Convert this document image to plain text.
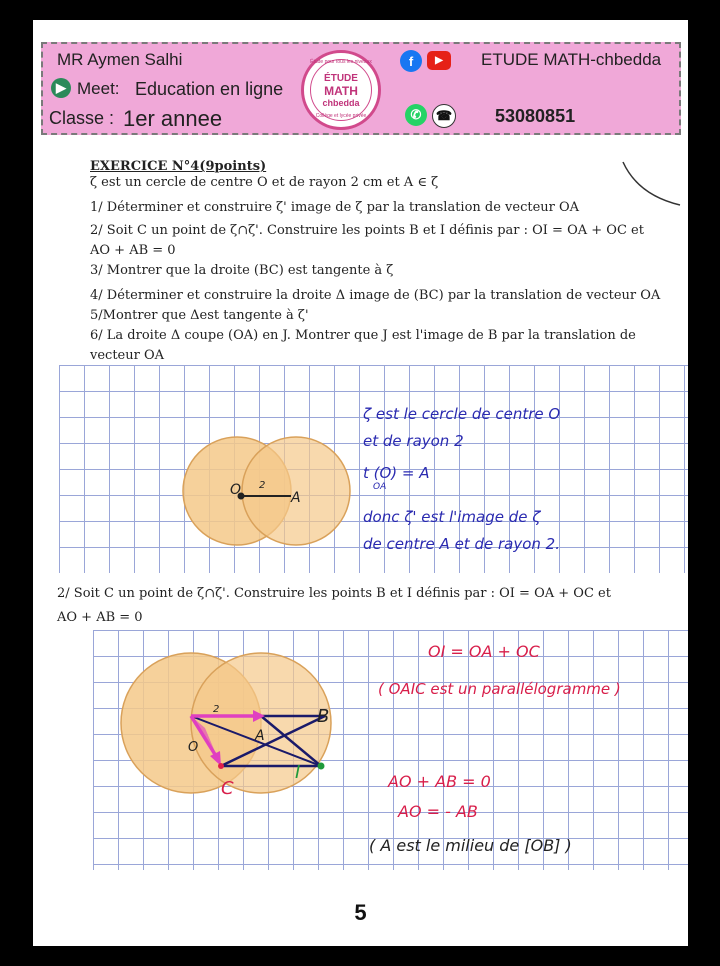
MR Aymen Salhi
▶ Meet: Education en ligne
Classe : 1er annee
Étude pour tous les niveaux
ÉTUDE
MATH
chbedda
Collège et lycée privée
f	▶	ETUDE MATH-chbedda
✆	☎ 53080851
EXERCICE N°4(9points)
ζ est un cercle de centre O et de rayon 2 cm et A ∈ ζ
1/ Déterminer et construire ζ' image de ζ par la translation de vecteur OA
2/ Soit C un point de ζ∩ζ'. Construire les points B et I définis par : OI = OA + OC et
AO + AB = 0
3/ Montrer que la droite (BC) est tangente à ζ
4/ Déterminer et construire la droite Δ image de (BC) par la translation de vecteur OA
5/Montrer que Δest tangente à ζ'
6/ La droite Δ coupe (OA) en J. Montrer que J est l'image de B par la translation de
vecteur OA
O	A
2
ζ est le cercle de centre O
et de rayon 2
t (O) = A
OA
donc ζ' est l'image de ζ
de centre A et de rayon 2.
2/ Soit C un point de ζ∩ζ'. Construire les points B et I définis par : OI = OA + OC et
AO + AB = 0
O
A
2	B
C
I
OI = OA + OC
( OAIC est un parallélogramme )
AO + AB = 0
AO = - AB
( A est le milieu de [OB] )
5
